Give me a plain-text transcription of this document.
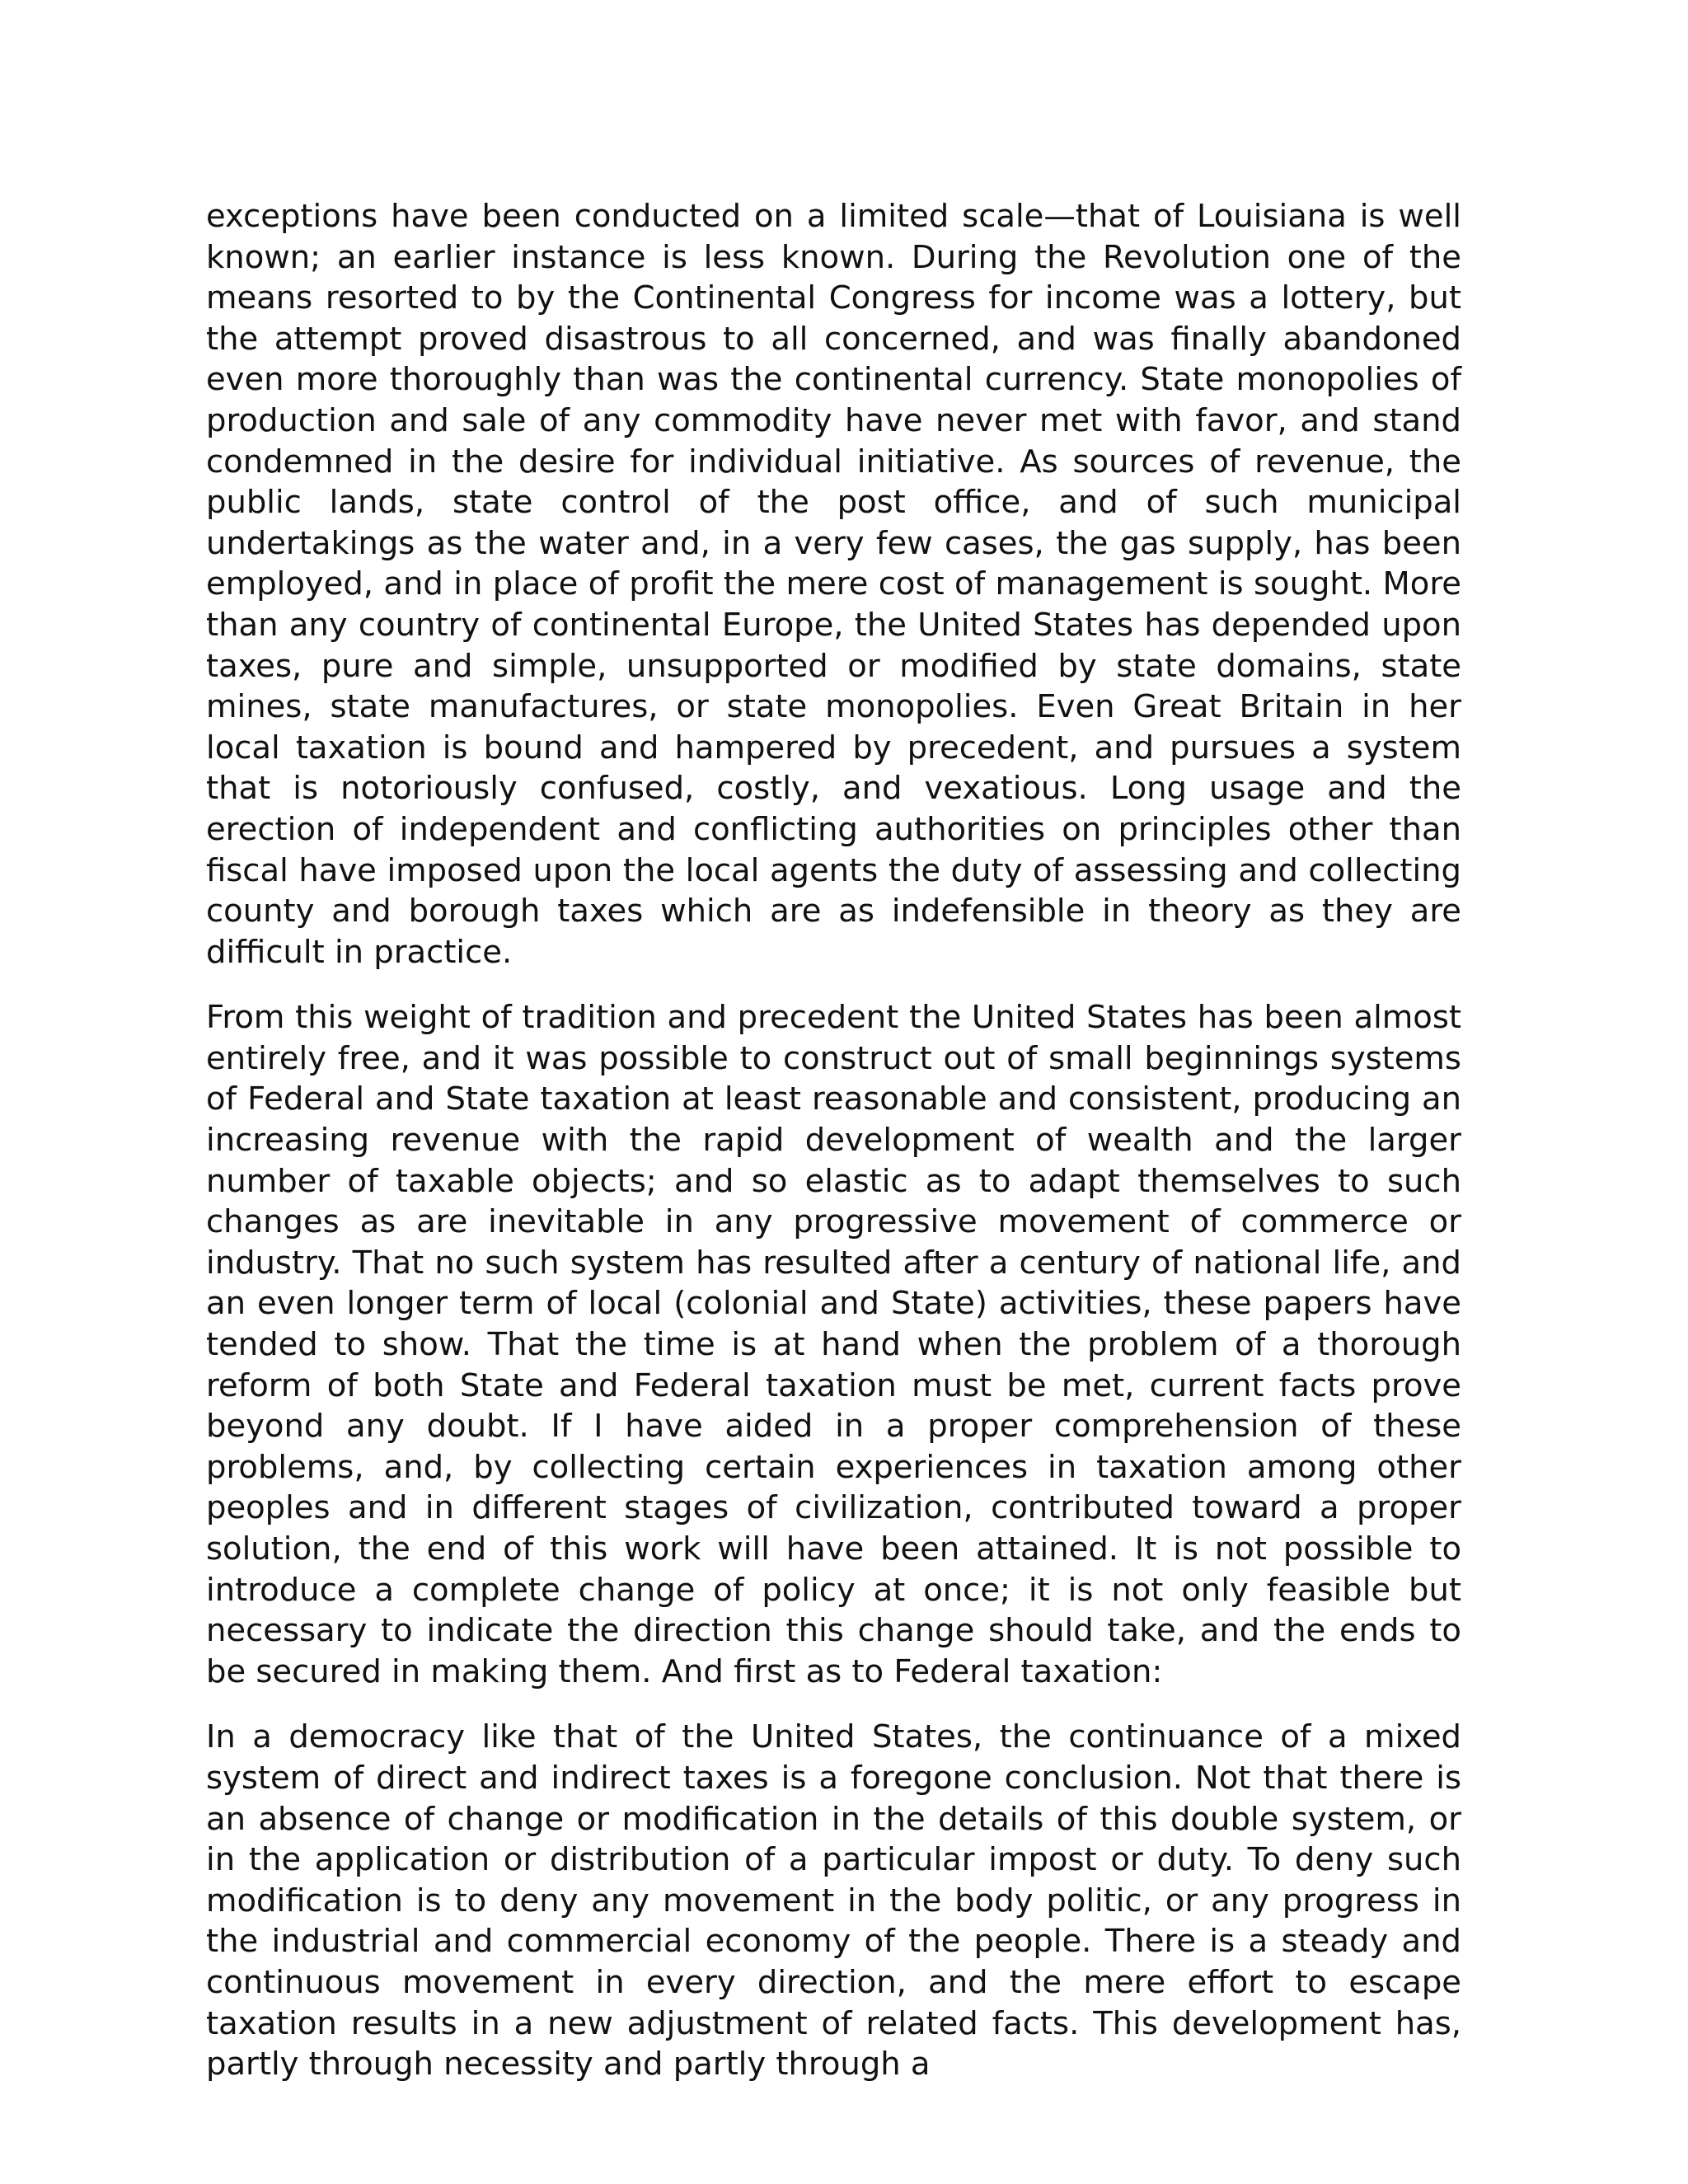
exceptions have been conducted on a limited scale—that of Louisiana is well known; an earlier instance is less known. During the Revolution one of the means resorted to by the Continental Congress for income was a lottery, but the attempt proved disastrous to all concerned, and was finally abandoned even more thoroughly than was the continental currency. State monopolies of production and sale of any commodity have never met with favor, and stand condemned in the desire for individual initiative. As sources of revenue, the public lands, state control of the post office, and of such municipal undertakings as the water and, in a very few cases, the gas supply, has been employed, and in place of profit the mere cost of management is sought. More than any country of continental Europe, the United States has depended upon taxes, pure and simple, unsupported or modified by state domains, state mines, state manufactures, or state monopolies. Even Great Britain in her local taxation is bound and hampered by precedent, and pursues a system that is notoriously confused, costly, and vexatious. Long usage and the erection of independent and conflicting authorities on principles other than fiscal have imposed upon the local agents the duty of assessing and collecting county and borough taxes which are as indefensible in theory as they are difficult in practice.

From this weight of tradition and precedent the United States has been almost entirely free, and it was possible to construct out of small beginnings systems of Federal and State taxation at least reasonable and consistent, producing an increasing revenue with the rapid development of wealth and the larger number of taxable objects; and so elastic as to adapt themselves to such changes as are inevitable in any progressive movement of commerce or industry. That no such system has resulted after a century of national life, and an even longer term of local (colonial and State) activities, these papers have tended to show. That the time is at hand when the problem of a thorough reform of both State and Federal taxation must be met, current facts prove beyond any doubt. If I have aided in a proper comprehension of these problems, and, by collecting certain experiences in taxation among other peoples and in different stages of civilization, contributed toward a proper solution, the end of this work will have been attained. It is not possible to introduce a complete change of policy at once; it is not only feasible but necessary to indicate the direction this change should take, and the ends to be secured in making them. And first as to Federal taxation:

In a democracy like that of the United States, the continuance of a mixed system of direct and indirect taxes is a foregone conclusion. Not that there is an absence of change or modification in the details of this double system, or in the application or distribution of a particular impost or duty. To deny such modification is to deny any movement in the body politic, or any progress in the industrial and commercial economy of the people. There is a steady and continuous movement in every direction, and the mere effort to escape taxation results in a new adjustment of related facts. This development has, partly through necessity and partly through a
